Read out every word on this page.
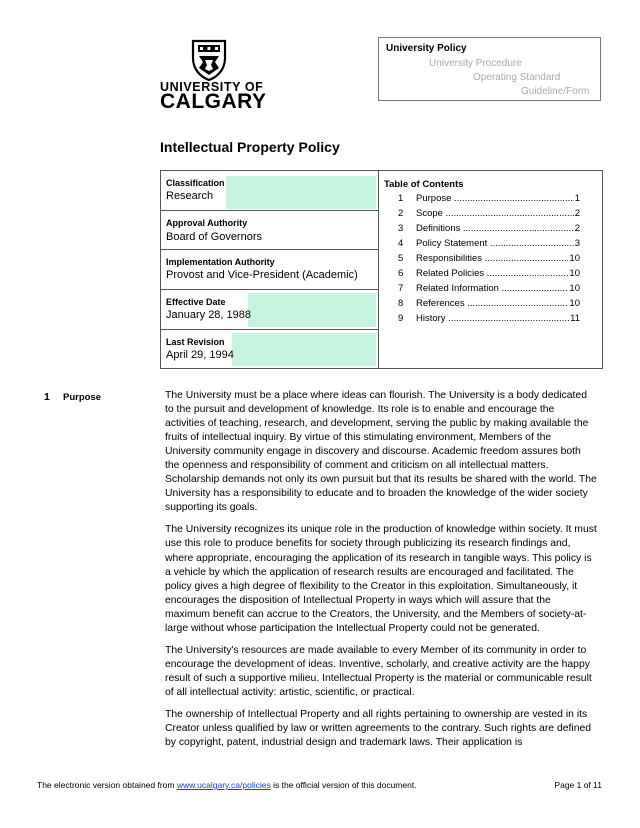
UNIVERSITY OF
CALGARY
University Policy
University Procedure
Operating Standard
Guideline/Form
Intellectual Property Policy
Classification
Research
Approval Authority
Board of Governors
Implementation Authority
Provost and Vice-President (Academic)
Effective Date
January 28, 1988
Last Revision
April 29, 1994
Table of Contents
1 Purpose .....	1
2 Scope .....	2
3 Definitions .....	2
4 Policy Statement .....	3
5 Responsibilities .....	10
6 Related Policies .....	10
7 Related Information .....	10
8 References .....	10
9 History .....	11
1 Purpose	The University must be a place where ideas can flourish. The University is a body dedicated to the pursuit and development of knowledge. Its role is to enable and encourage the activities of teaching, research, and development, serving the public by making available the fruits of intellectual inquiry. By virtue of this stimulating environment, Members of the University community engage in discovery and discourse. Academic freedom assures both the openness and responsibility of comment and criticism on all intellectual matters. Scholarship demands not only its own pursuit but that its results be shared with the world. The University has a responsibility to educate and to broaden the knowledge of the wider society supporting its goals.

The University recognizes its unique role in the production of knowledge within society. It must use this role to produce benefits for society through publicizing its research findings and, where appropriate, encouraging the application of its research in tangible ways. This policy is a vehicle by which the application of research results are encouraged and facilitated. The policy gives a high degree of flexibility to the Creator in this exploitation. Simultaneously, it encourages the disposition of Intellectual Property in ways which will assure that the maximum benefit can accrue to the Creators, the University, and the Members of society-at-large without whose participation the Intellectual Property could not be generated.

The University's resources are made available to every Member of its community in order to encourage the development of ideas. Inventive, scholarly, and creative activity are the happy result of such a supportive milieu. Intellectual Property is the material or communicable result of all intellectual activity: artistic, scientific, or practical.

The ownership of Intellectual Property and all rights pertaining to ownership are vested in its Creator unless qualified by law or written agreements to the contrary. Such rights are defined by copyright, patent, industrial design and trademark laws. Their application is

The electronic version obtained from www.ucalgary.ca/policies is the official version of this document.	Page 1 of 11
